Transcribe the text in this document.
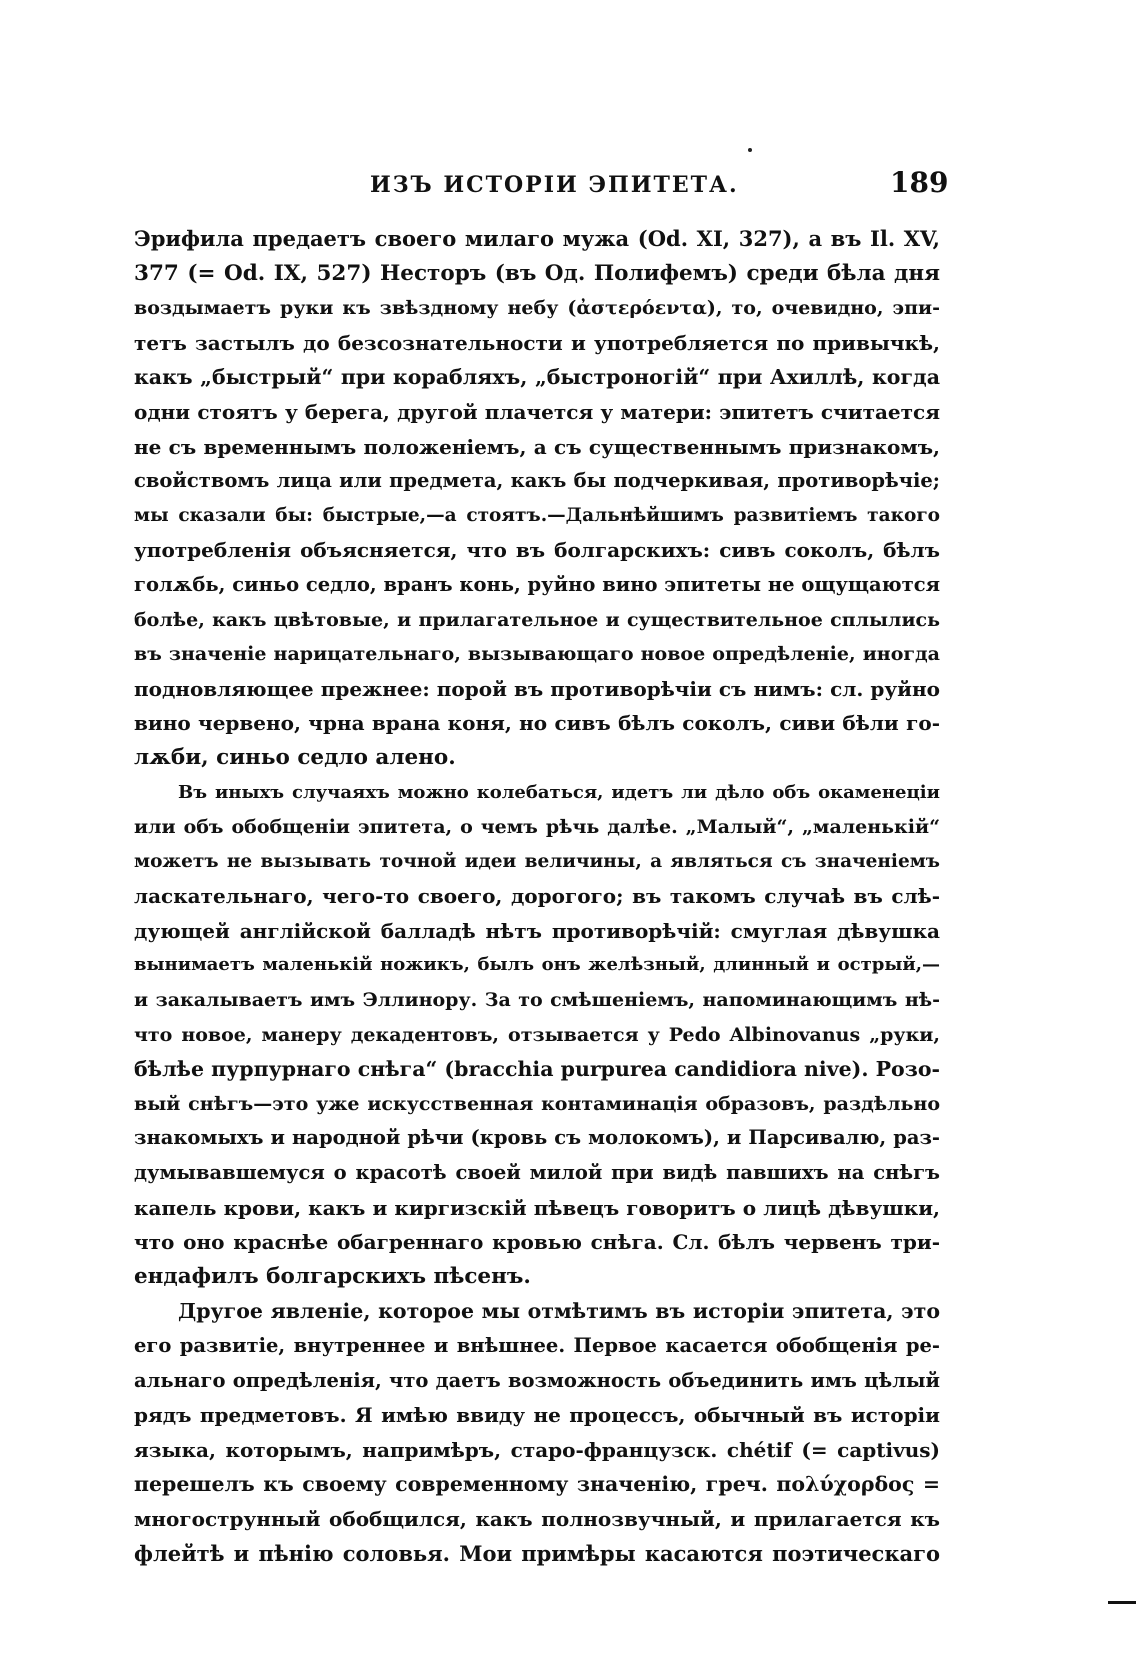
ИЗЪ ИСТОРІИ ЭПИТЕТА.	189
Эрифила предаетъ своего милаго мужа (Od. XI, 327), а въ Il. XV,
377 (= Od. IX, 527) Несторъ (въ Од. Полифемъ) среди бѣла дня
воздымаетъ руки къ звѣздному небу (ἀστερόεντα), то, очевидно, эпи-
тетъ застылъ до безсознательности и употребляется по привычкѣ,
какъ „быстрый“ при корабляхъ, „быстроногій“ при Ахиллѣ, когда
одни стоятъ у берега, другой плачется у матери: эпитетъ считается
не съ временнымъ положеніемъ, а съ существеннымъ признакомъ,
свойствомъ лица или предмета, какъ бы подчеркивая, противорѣчіе;
мы сказали бы: быстрые,—а стоятъ.—Дальнѣйшимъ развитіемъ такого
употребленія объясняется, что въ болгарскихъ: сивъ соколъ, бѣлъ
голѫбь, синьо седло, вранъ конь, руйно вино эпитеты не ощущаются
болѣе, какъ цвѣтовые, и прилагательное и существительное сплылись
въ значеніе нарицательнаго, вызывающаго новое опредѣленіе, иногда
подновляющее прежнее: порой въ противорѣчіи съ нимъ: сл. руйно
вино червено, чрна врана коня, но сивъ бѣлъ соколъ, сиви бѣли го-
лѫби, синьо седло алено.
Въ иныхъ случаяхъ можно колебаться, идетъ ли дѣло объ окаменеціи
или объ обобщеніи эпитета, о чемъ рѣчь далѣе. „Малый“, „маленькій“
можетъ не вызывать точной идеи величины, а являться съ значеніемъ
ласкательнаго, чего-то своего, дорогого; въ такомъ случаѣ въ слѣ-
дующей англійской балладѣ нѣтъ противорѣчій: смуглая дѣвушка
вынимаетъ маленькій ножикъ, былъ онъ желѣзный, длинный и острый,—
и закалываетъ имъ Эллинору. За то смѣшеніемъ, напоминающимъ нѣ-
что новое, манеру декадентовъ, отзывается у Pedo Albinovanus „руки,
бѣлѣе пурпурнаго снѣга“ (bracchia purpurea candidiora nive). Розо-
вый снѣгъ—это уже искусственная контаминація образовъ, раздѣльно
знакомыхъ и народной рѣчи (кровь съ молокомъ), и Парсивалю, раз-
думывавшемуся о красотѣ своей милой при видѣ павшихъ на снѣгъ
капель крови, какъ и киргизскій пѣвецъ говоритъ о лицѣ дѣвушки,
что оно краснѣе обагреннаго кровью снѣга. Сл. бѣлъ червенъ три-
ендафилъ болгарскихъ пѣсенъ.
Другое явленіе, которое мы отмѣтимъ въ исторіи эпитета, это
его развитіе, внутреннее и внѣшнее. Первое касается обобщенія ре-
альнаго опредѣленія, что даетъ возможность объединить имъ цѣлый
рядъ предметовъ. Я имѣю ввиду не процессъ, обычный въ исторіи
языка, которымъ, напримѣръ, старо-французск. chétif (= captivus)
перешелъ къ своему современному значенію, греч. πολύχορδος =
многострунный обобщился, какъ полнозвучный, и прилагается къ
флейтѣ и пѣнію соловья. Мои примѣры касаются поэтическаго
